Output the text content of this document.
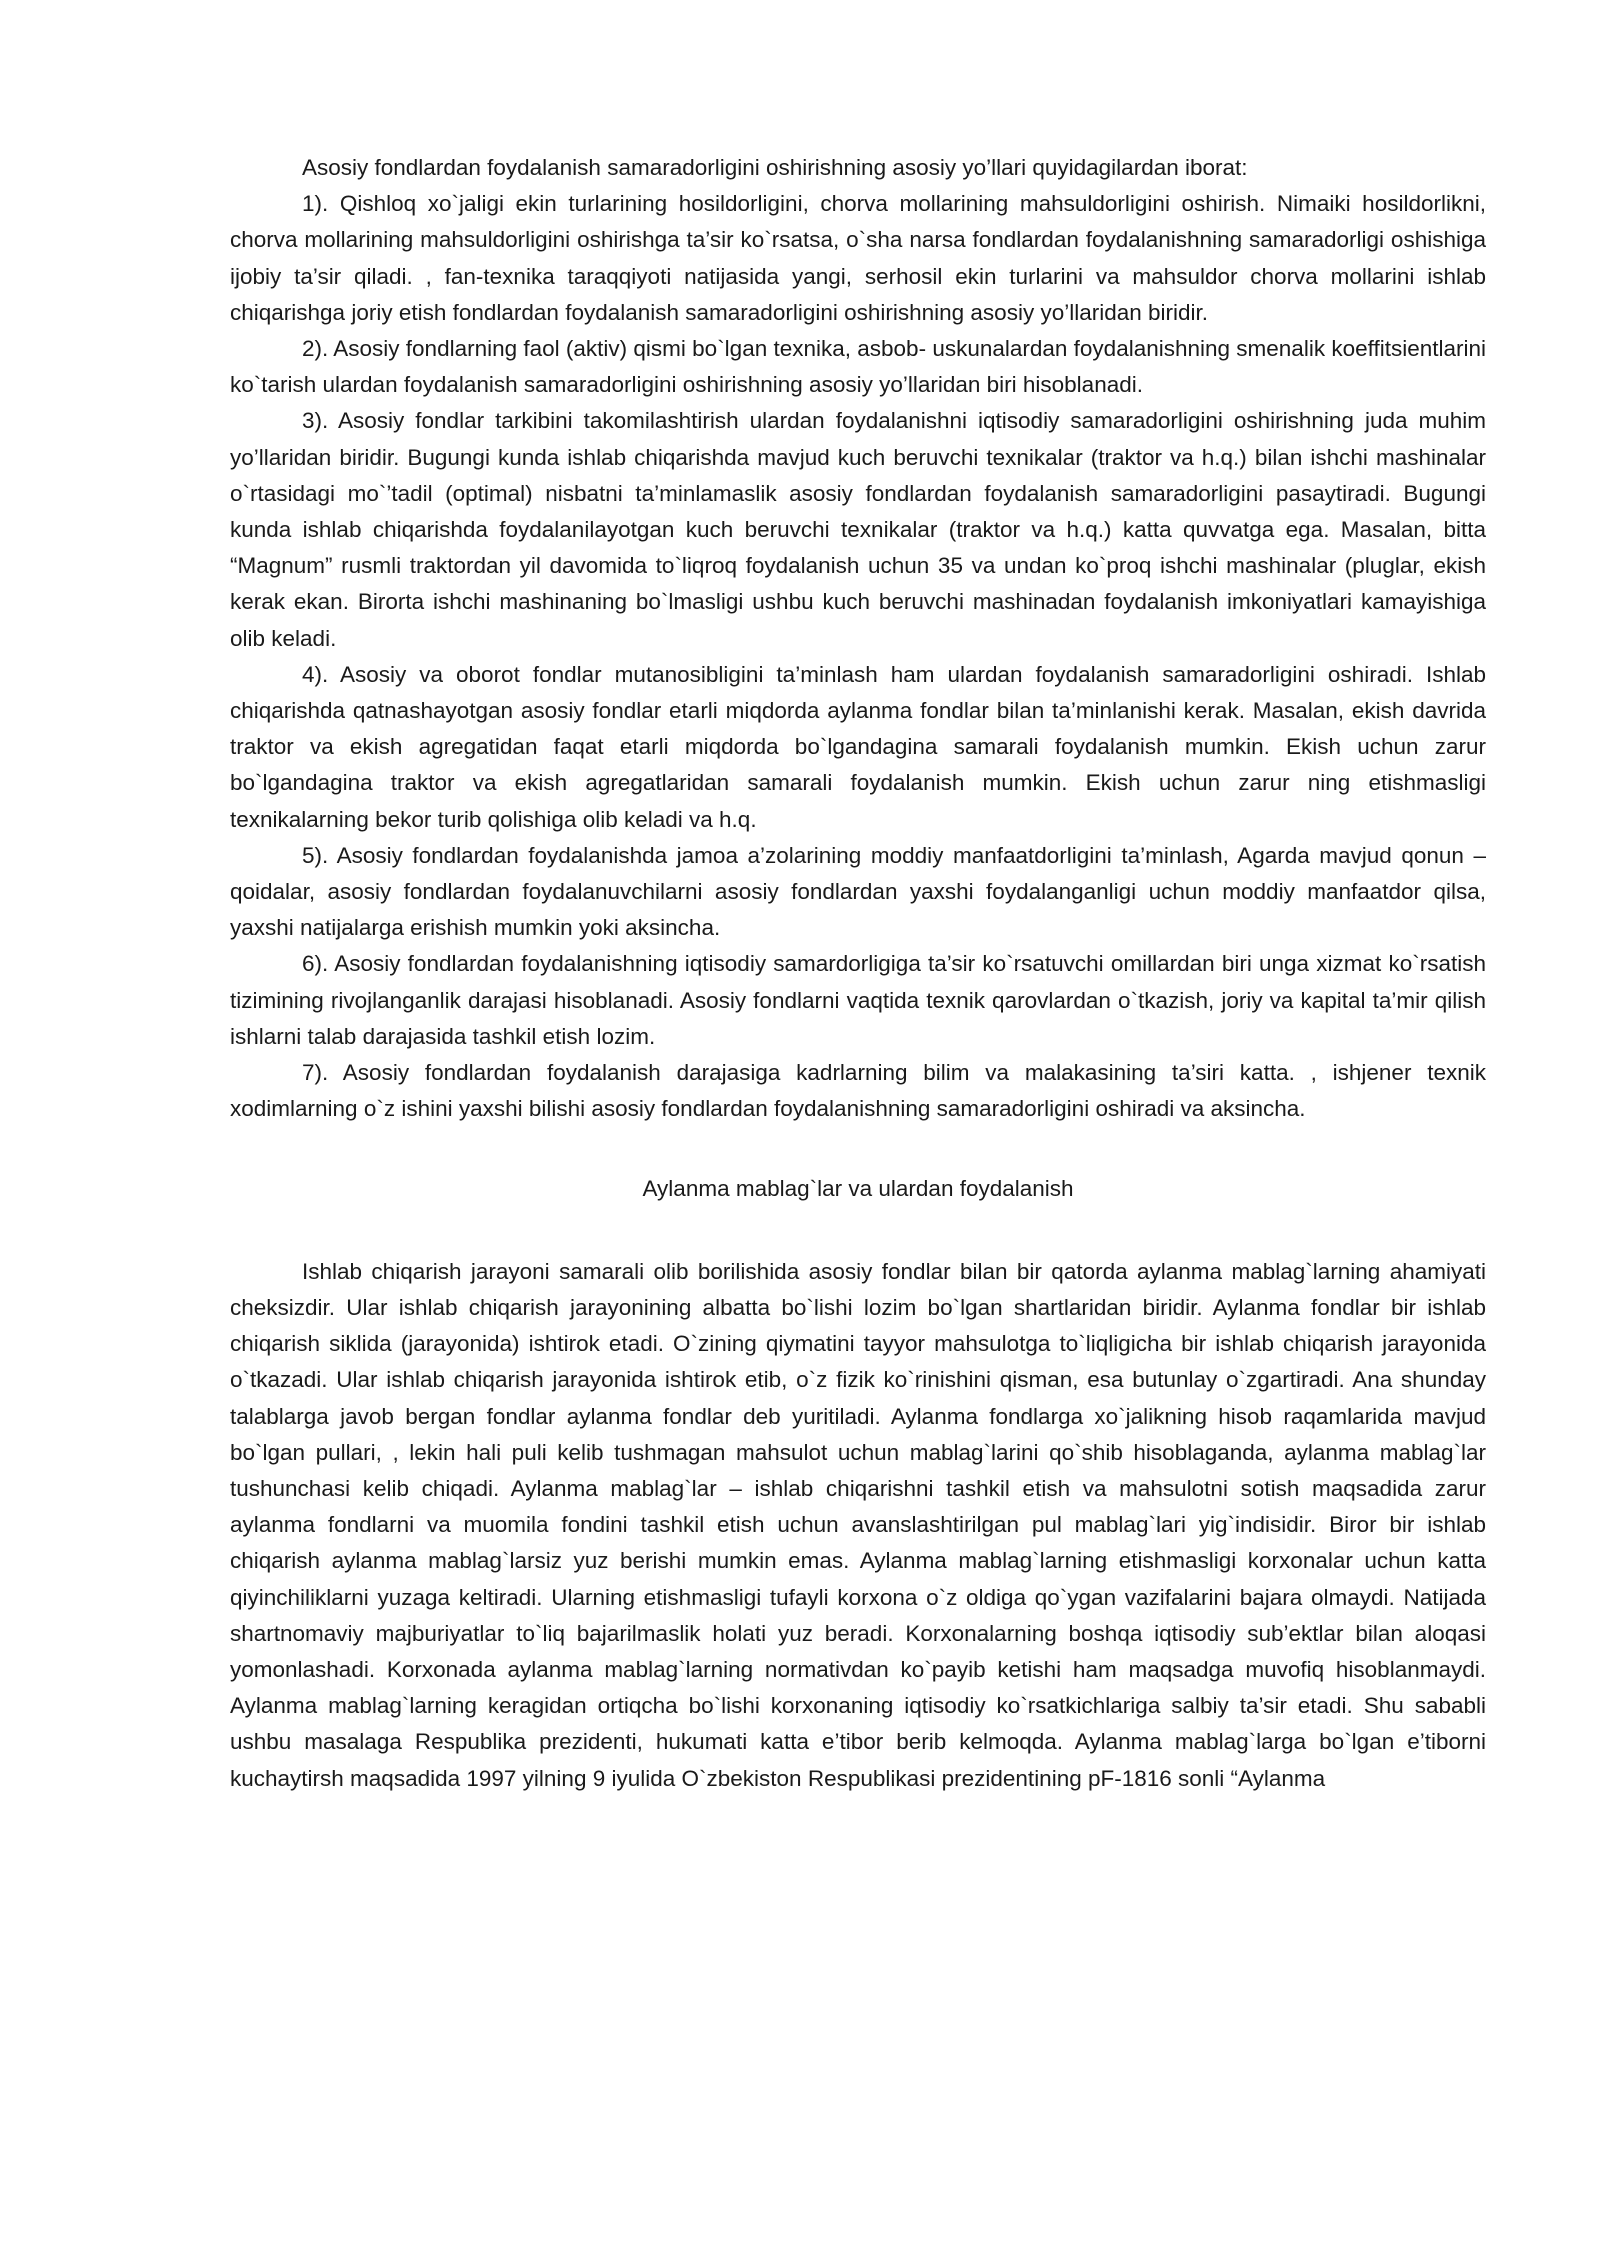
Asosiy fondlardan foydalanish samaradorligini oshirishning asosiy yo’llari quyidagilardan iborat:

1). Qishloq xo`jaligi ekin turlarining hosildorligini, chorva mollarining mahsuldorligini oshirish. Nimaiki hosildorlikni, chorva mollarining mahsuldorligini oshirishga ta’sir ko`rsatsa, o`sha narsa fondlardan foydalanishning samaradorligi oshishiga ijobiy ta’sir qiladi. , fan-texnika taraqqiyoti natijasida yangi, serhosil ekin turlarini va mahsuldor chorva mollarini ishlab chiqarishga joriy etish fondlardan foydalanish samaradorligini oshirishning asosiy yo’llaridan biridir.

2). Asosiy fondlarning faol (aktiv) qismi bo`lgan texnika, asbob- uskunalardan foydalanishning smenalik koeffitsientlarini ko`tarish ulardan foydalanish samaradorligini oshirishning asosiy yo’llaridan biri hisoblanadi.

3). Asosiy fondlar tarkibini takomilashtirish ulardan foydalanishni iqtisodiy samaradorligini oshirishning juda muhim yo’llaridan biridir. Bugungi kunda ishlab chiqarishda mavjud kuch beruvchi texnikalar (traktor va h.q.) bilan ishchi mashinalar o`rtasidagi mo`’tadil (optimal) nisbatni ta’minlamaslik asosiy fondlardan foydalanish samaradorligini pasaytiradi. Bugungi kunda ishlab chiqarishda foydalanilayotgan kuch beruvchi texnikalar (traktor va h.q.) katta quvvatga ega. Masalan, bitta “Magnum” rusmli traktordan yil davomida to`liqroq foydalanish uchun 35 va undan ko`proq ishchi mashinalar (pluglar, ekish kerak ekan. Birorta ishchi mashinaning bo`lmasligi ushbu kuch beruvchi mashinadan foydalanish imkoniyatlari kamayishiga olib keladi.

4). Asosiy va oborot fondlar mutanosibligini ta’minlash ham ulardan foydalanish samaradorligini oshiradi. Ishlab chiqarishda qatnashayotgan asosiy fondlar etarli miqdorda aylanma fondlar bilan ta’minlanishi kerak. Masalan, ekish davrida traktor va ekish agregatidan faqat etarli miqdorda bo`lgandagina samarali foydalanish mumkin. Ekish uchun zarur bo`lgandagina traktor va ekish agregatlaridan samarali foydalanish mumkin. Ekish uchun zarur ning etishmasligi texnikalarning bekor turib qolishiga olib keladi va h.q.

5). Asosiy fondlardan foydalanishda jamoa a’zolarining moddiy manfaatdorligini ta’minlash, Agarda mavjud qonun – qoidalar, asosiy fondlardan foydalanuvchilarni asosiy fondlardan yaxshi foydalanganligi uchun moddiy manfaatdor qilsa, yaxshi natijalarga erishish mumkin yoki aksincha.

6). Asosiy fondlardan foydalanishning iqtisodiy samardorligiga ta’sir ko`rsatuvchi omillardan biri unga xizmat ko`rsatish tizimining rivojlanganlik darajasi hisoblanadi. Asosiy fondlarni vaqtida texnik qarovlardan o`tkazish, joriy va kapital ta’mir qilish ishlarni talab darajasida tashkil etish lozim.

7). Asosiy fondlardan foydalanish darajasiga kadrlarning bilim va malakasining ta’siri katta. , ishjener texnik xodimlarning o`z ishini yaxshi bilishi asosiy fondlardan foydalanishning samaradorligini oshiradi va aksincha.

Aylanma mablag`lar va ulardan foydalanish

Ishlab chiqarish jarayoni samarali olib borilishida asosiy fondlar bilan bir qatorda aylanma mablag`larning ahamiyati cheksizdir. Ular ishlab chiqarish jarayonining albatta bo`lishi lozim bo`lgan shartlaridan biridir. Aylanma fondlar bir ishlab chiqarish siklida (jarayonida) ishtirok etadi. O`zining qiymatini tayyor mahsulotga to`liqligicha bir ishlab chiqarish jarayonida o`tkazadi. Ular ishlab chiqarish jarayonida ishtirok etib, o`z fizik ko`rinishini qisman, esa butunlay o`zgartiradi. Ana shunday talablarga javob bergan fondlar aylanma fondlar deb yuritiladi. Aylanma fondlarga xo`jalikning hisob raqamlarida mavjud bo`lgan pullari, , lekin hali puli kelib tushmagan mahsulot uchun mablag`larini qo`shib hisoblaganda, aylanma mablag`lar tushunchasi kelib chiqadi. Aylanma mablag`lar – ishlab chiqarishni tashkil etish va mahsulotni sotish maqsadida zarur aylanma fondlarni va muomila fondini tashkil etish uchun avanslashtirilgan pul mablag`lari yig`indisidir. Biror bir ishlab chiqarish aylanma mablag`larsiz yuz berishi mumkin emas. Aylanma mablag`larning etishmasligi korxonalar uchun katta qiyinchiliklarni yuzaga keltiradi. Ularning etishmasligi tufayli korxona o`z oldiga qo`ygan vazifalarini bajara olmaydi. Natijada shartnomaviy majburiyatlar to`liq bajarilmaslik holati yuz beradi. Korxonalarning boshqa iqtisodiy sub’ektlar bilan aloqasi yomonlashadi. Korxonada aylanma mablag`larning normativdan ko`payib ketishi ham maqsadga muvofiq hisoblanmaydi. Aylanma mablag`larning keragidan ortiqcha bo`lishi korxonaning iqtisodiy ko`rsatkichlariga salbiy ta’sir etadi. Shu sababli ushbu masalaga Respublika prezidenti, hukumati katta e’tibor berib kelmoqda. Aylanma mablag`larga bo`lgan e’tiborni kuchaytirsh maqsadida 1997 yilning 9 iyulida O`zbekiston Respublikasi prezidentining pF-1816 sonli “Aylanma
